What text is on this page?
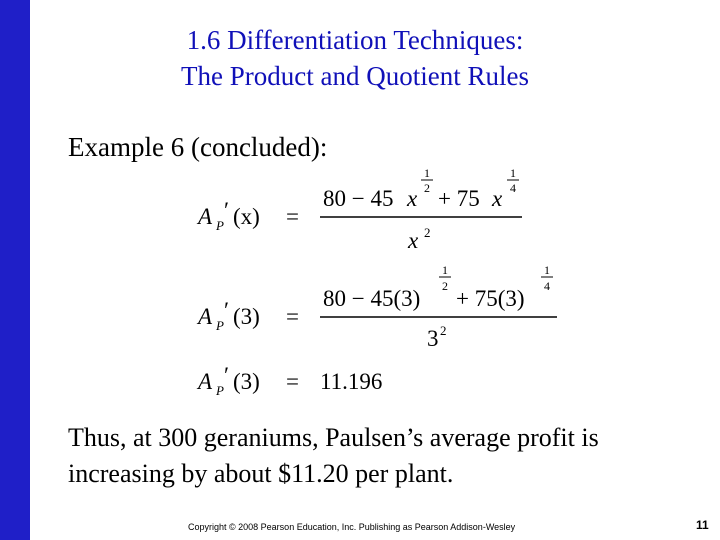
1.6 Differentiation Techniques:
The Product and Quotient Rules
Example 6 (concluded):
A P
′ (x) =
80 − 45 x
1
2 + 75 x
1
4
x 2
A P
′ (3) =
80 − 45(3)
1
2 + 75(3)
1
4
3 2
A P
′ (3) = 11.196
Thus, at 300 geraniums, Paulsen’s average profit is
increasing by about $11.20 per plant.
Copyright © 2008 Pearson Education, Inc. Publishing as Pearson Addison-Wesley	11
